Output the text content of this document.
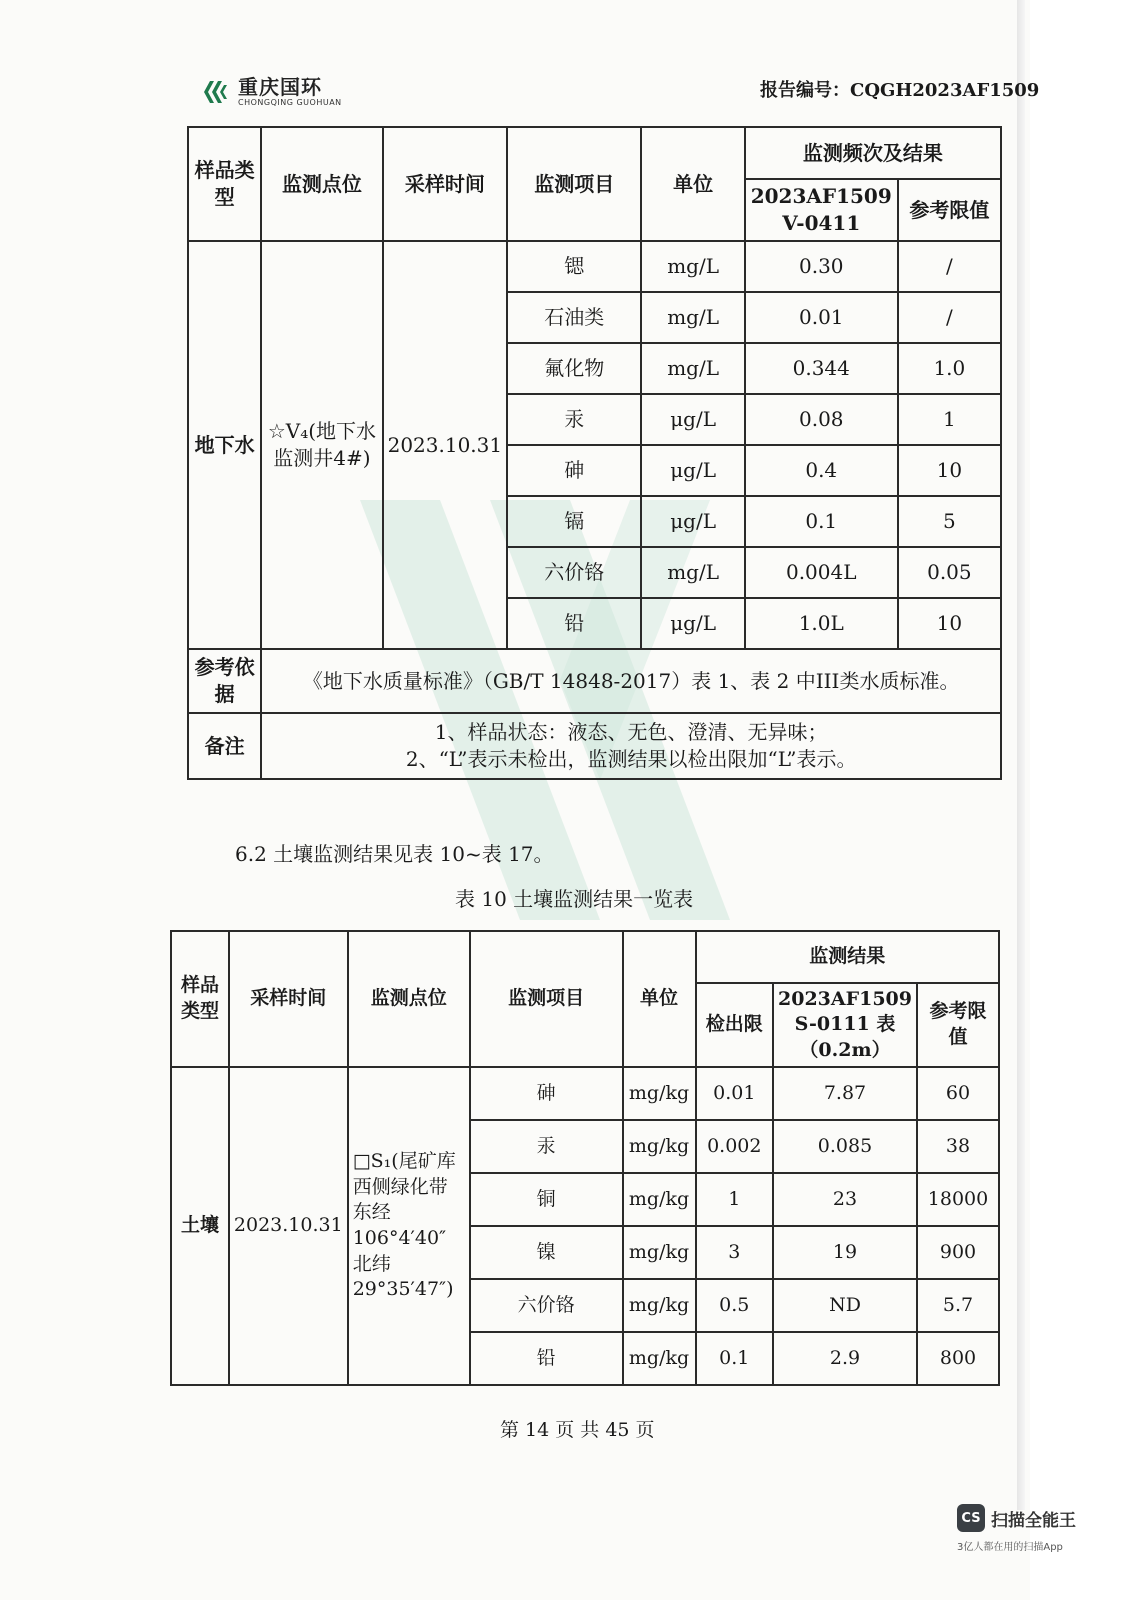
重庆国环
CHONGQING GUOHUAN
报告编号：CQGH2023AF1509
样品类型	监测点位	采样时间	监测项目	单位	监测频次及结果	
					2023AF1509 V-0411	参考限值
地下水	☆V₄(地下水监测井4#)	2023.10.31	锶	mg/L	0.30	/
			石油类	mg/L	0.01	/
			氟化物	mg/L	0.344	1.0
			汞	μg/L	0.08	1
			砷	μg/L	0.4	10
			镉	μg/L	0.1	5
			六价铬	mg/L	0.004L	0.05
			铅	μg/L	1.0L	10
参考依据	《地下水质量标准》（GB/T 14848-2017）表 1、表 2 中III类水质标准。					
备注	1、样品状态：液态、无色、澄清、无异味；
2、“L”表示未检出，监测结果以检出限加“L”表示。					
6.2 土壤监测结果见表 10~表 17。
表 10 土壤监测结果一览表
样品类型	采样时间	监测点位	监测项目	单位	监测结果		
					检出限	2023AF1509 S-0111 表（0.2m）	参考限值
土壤	2023.10.31	□S₁(尾矿库西侧绿化带东经106°4′40″北纬29°35′47″)	砷	mg/kg	0.01	7.87	60
			汞	mg/kg	0.002	0.085	38
			铜	mg/kg	1	23	18000
			镍	mg/kg	3	19	900
			六价铬	mg/kg	0.5	ND	5.7
			铅	mg/kg	0.1	2.9	800
第 14 页 共 45 页
CS 扫描全能王
3亿人都在用的扫描App
